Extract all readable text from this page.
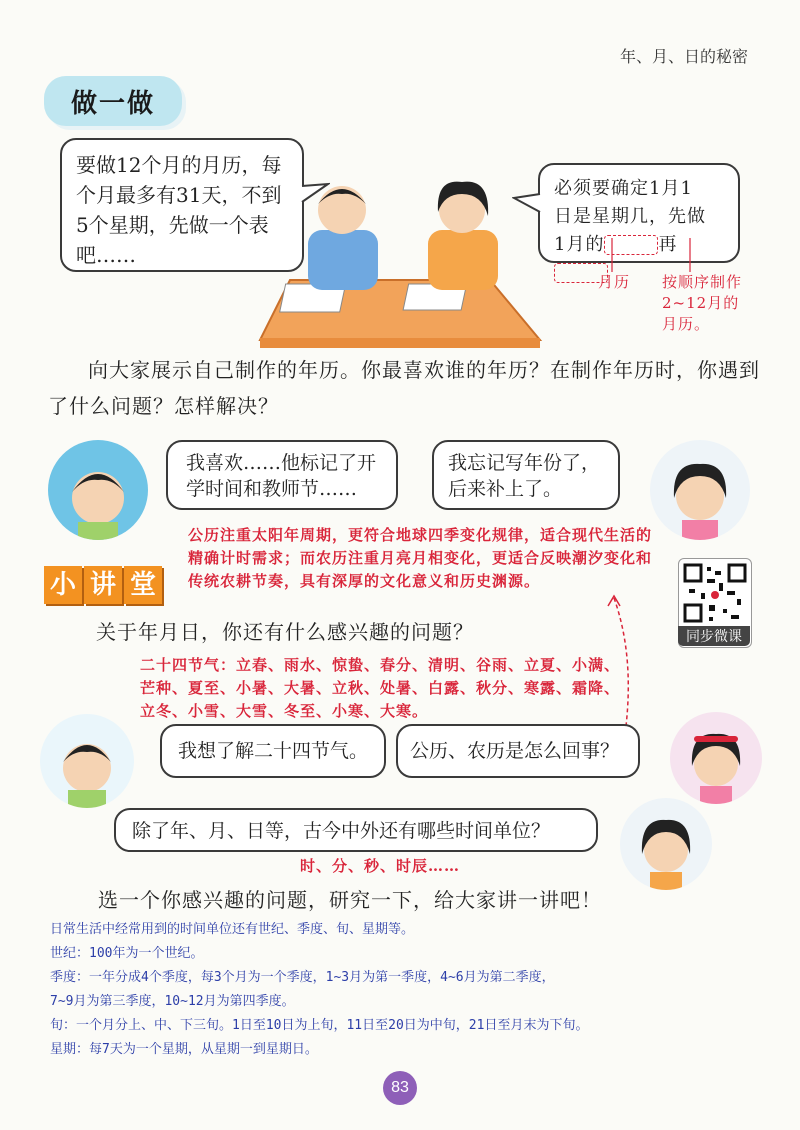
年、月、日的秘密
做一做
要做12个月的月历，每个月最多有31天，不到5个星期，先做一个表吧……
必须要确定1月1
日是星期几，先做
1月的	再
月历 按顺序制作2~12月的月历。
向大家展示自己制作的年历。你最喜欢谁的年历？在制作年历时，你遇到了什么问题？怎样解决？
我喜欢……他标记了开学时间和教师节……
我忘记写年份了，后来补上了。
公历注重太阳年周期，更符合地球四季变化规律，适合现代生活的精确计时需求；而农历注重月亮月相变化，更适合反映潮汐变化和传统农耕节奏，具有深厚的文化意义和历史渊源。
小 讲 堂
同步微课
关于年月日，你还有什么感兴趣的问题？
二十四节气：立春、雨水、惊蛰、春分、清明、谷雨、立夏、小满、芒种、夏至、小暑、大暑、立秋、处暑、白露、秋分、寒露、霜降、立冬、小雪、大雪、冬至、小寒、大寒。
我想了解二十四节气。	公历、农历是怎么回事？
除了年、月、日等，古今中外还有哪些时间单位？
时、分、秒、时辰……
选一个你感兴趣的问题，研究一下，给大家讲一讲吧！
日常生活中经常用到的时间单位还有世纪、季度、旬、星期等。
世纪：100年为一个世纪。
季度：一年分成4个季度，每3个月为一个季度，1~3月为第一季度，4~6月为第二季度，
7~9月为第三季度，10~12月为第四季度。
旬：一个月分上、中、下三旬。1日至10日为上旬，11日至20日为中旬，21日至月末为下旬。
星期：每7天为一个星期，从星期一到星期日。
83
